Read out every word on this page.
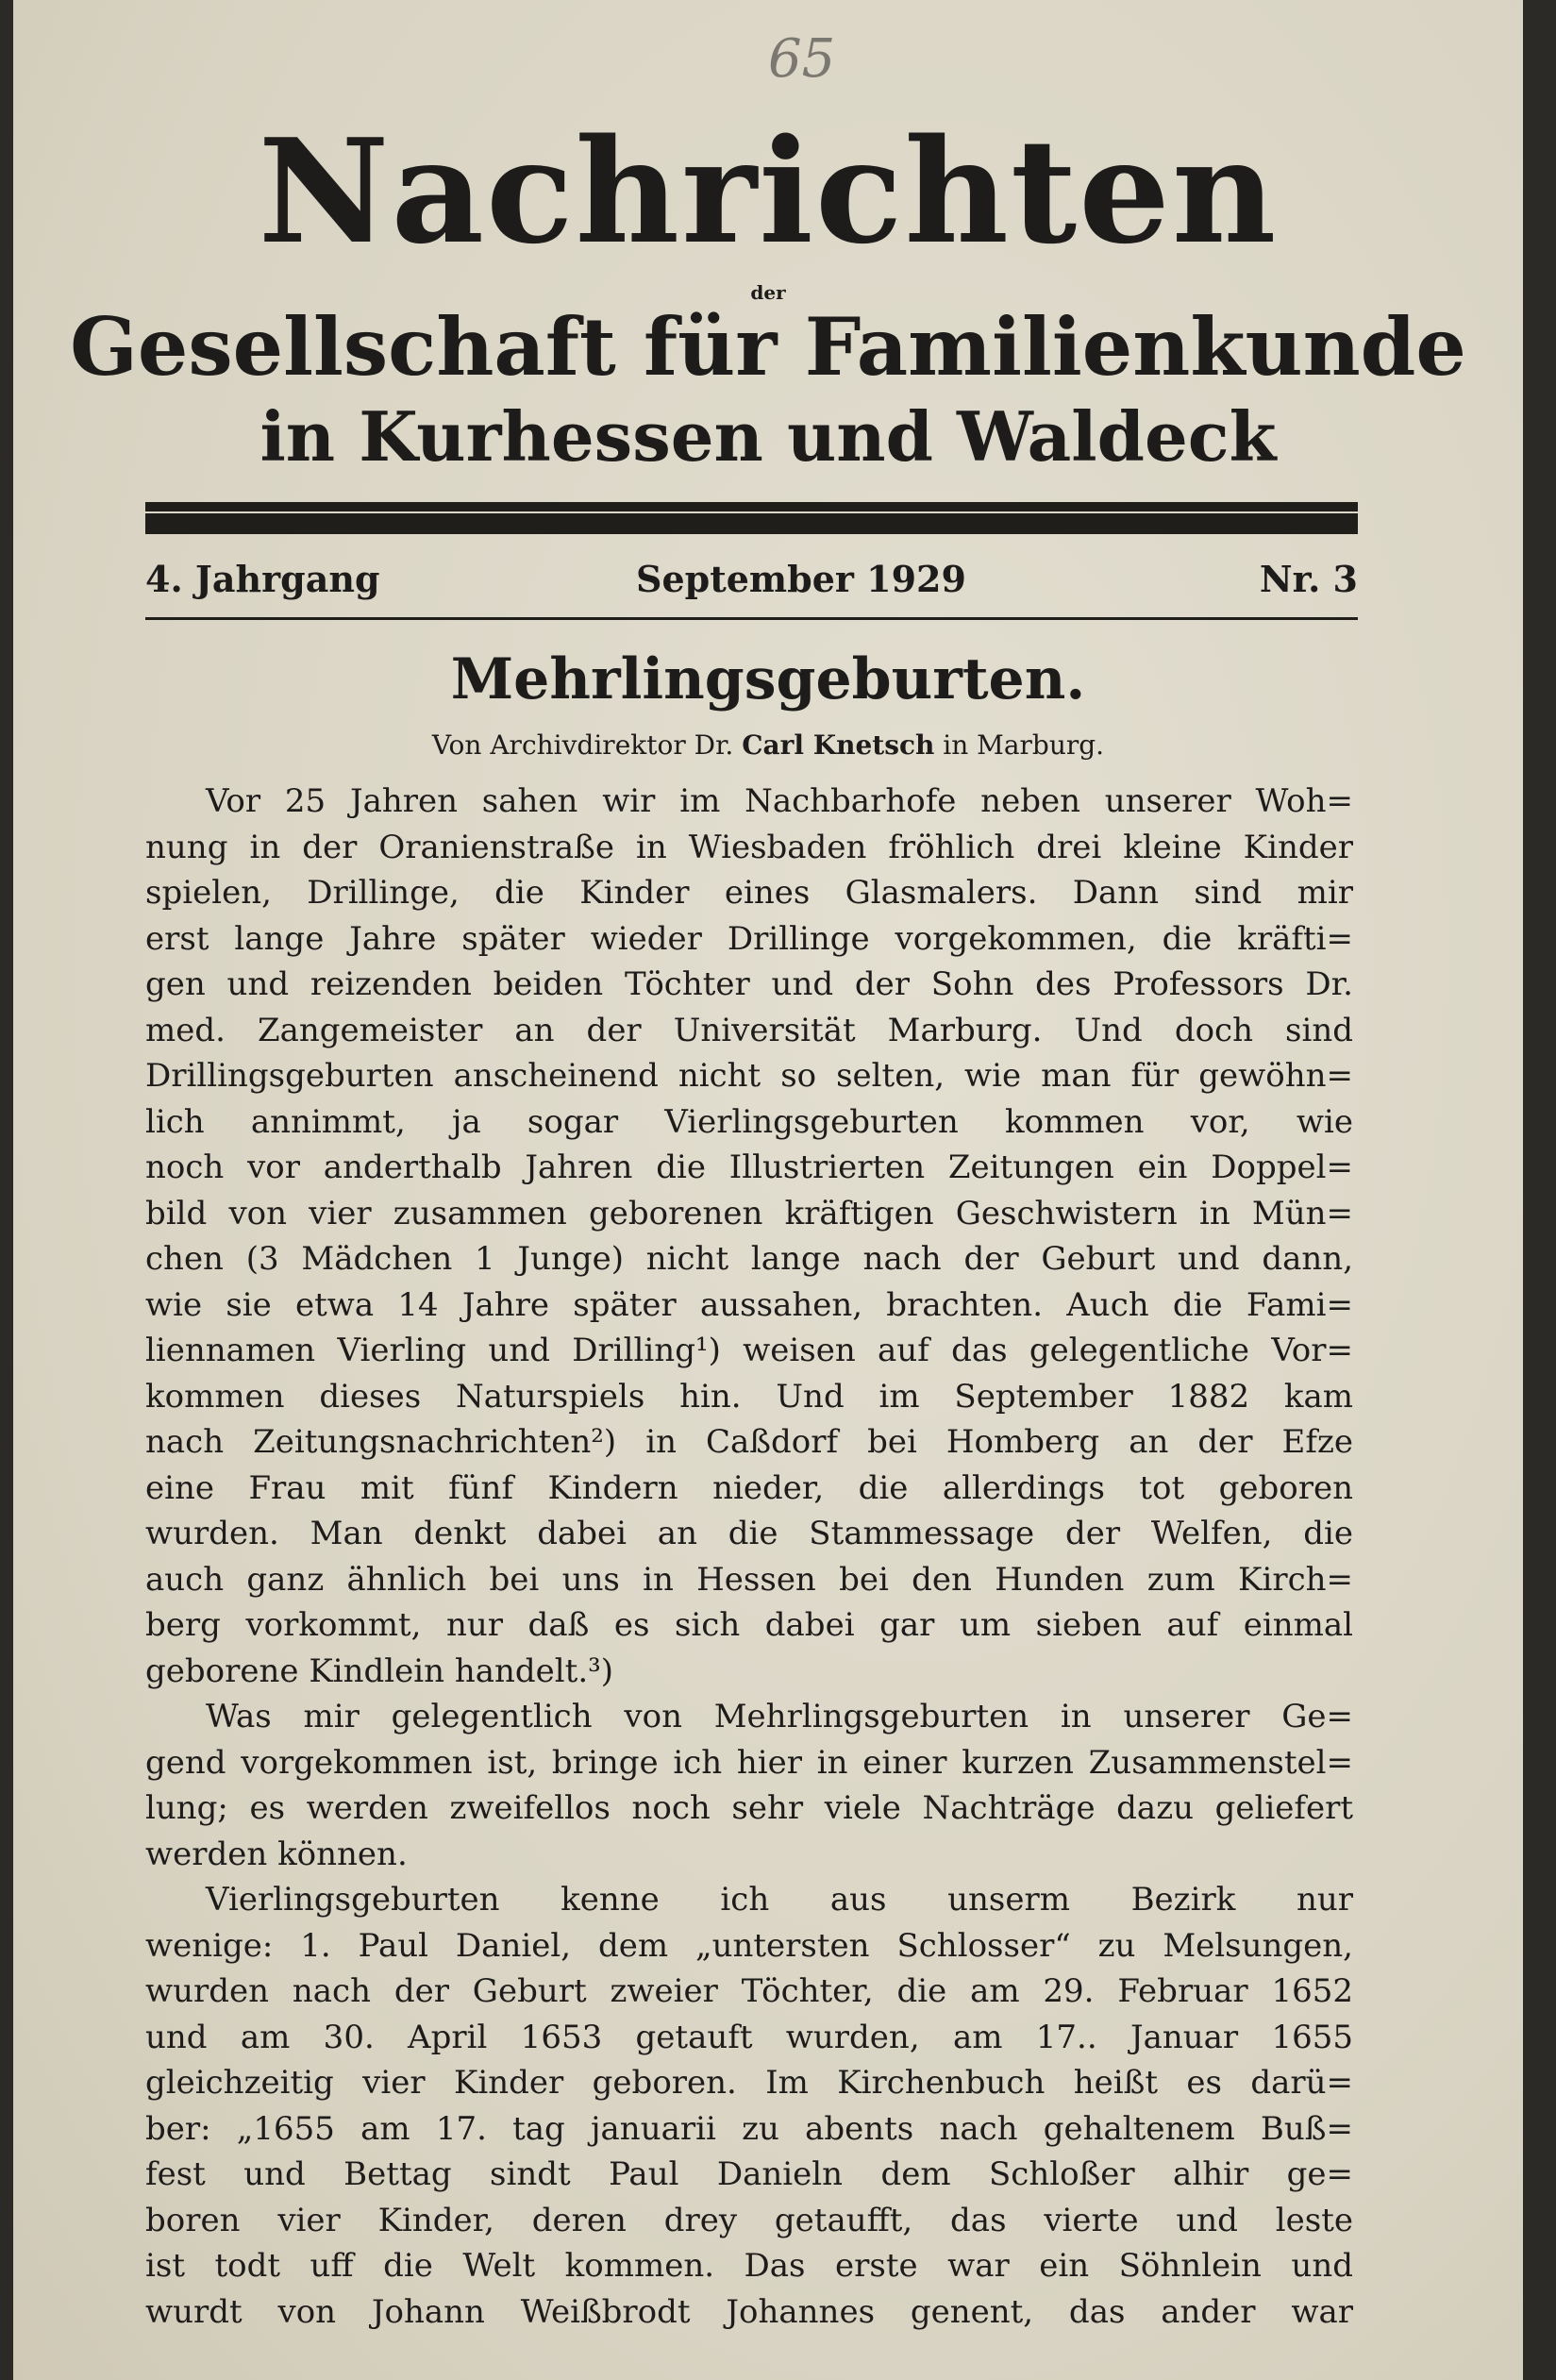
65
Nachrichten
der
Gesellschaft für Familienkunde
in Kurhessen und Waldeck
4. Jahrgang	September 1929	Nr. 3
Mehrlingsgeburten.
Von Archivdirektor Dr. Carl Knetsch in Marburg.
Vor 25 Jahren sahen wir im Nachbarhofe neben unserer Woh=
nung in der Oranienstraße in Wiesbaden fröhlich drei kleine Kinder
spielen, Drillinge, die Kinder eines Glasmalers. Dann sind mir
erst lange Jahre später wieder Drillinge vorgekommen, die kräfti=
gen und reizenden beiden Töchter und der Sohn des Professors Dr.
med. Zangemeister an der Universität Marburg. Und doch sind
Drillingsgeburten anscheinend nicht so selten, wie man für gewöhn=
lich annimmt, ja sogar Vierlingsgeburten kommen vor, wie
noch vor anderthalb Jahren die Illustrierten Zeitungen ein Doppel=
bild von vier zusammen geborenen kräftigen Geschwistern in Mün=
chen (3 Mädchen 1 Junge) nicht lange nach der Geburt und dann,
wie sie etwa 14 Jahre später aussahen, brachten. Auch die Fami=
liennamen Vierling und Drilling¹) weisen auf das gelegentliche Vor=
kommen dieses Naturspiels hin. Und im September 1882 kam
nach Zeitungsnachrichten²) in Caßdorf bei Homberg an der Efze
eine Frau mit fünf Kindern nieder, die allerdings tot geboren
wurden. Man denkt dabei an die Stammessage der Welfen, die
auch ganz ähnlich bei uns in Hessen bei den Hunden zum Kirch=
berg vorkommt, nur daß es sich dabei gar um sieben auf einmal
geborene Kindlein handelt.³)
Was mir gelegentlich von Mehrlingsgeburten in unserer Ge=
gend vorgekommen ist, bringe ich hier in einer kurzen Zusammenstel=
lung; es werden zweifellos noch sehr viele Nachträge dazu geliefert
werden können.
Vierlingsgeburten kenne ich aus unserm Bezirk nur
wenige: 1. Paul Daniel, dem „untersten Schlosser“ zu Melsungen,
wurden nach der Geburt zweier Töchter, die am 29. Februar 1652
und am 30. April 1653 getauft wurden, am 17.. Januar 1655
gleichzeitig vier Kinder geboren. Im Kirchenbuch heißt es darü=
ber: „1655 am 17. tag januarii zu abents nach gehaltenem Buß=
fest und Bettag sindt Paul Danieln dem Schloßer alhir ge=
boren vier Kinder, deren drey getaufft, das vierte und leste
ist todt uff die Welt kommen. Das erste war ein Söhnlein und
wurdt von Johann Weißbrodt Johannes genent, das ander war
